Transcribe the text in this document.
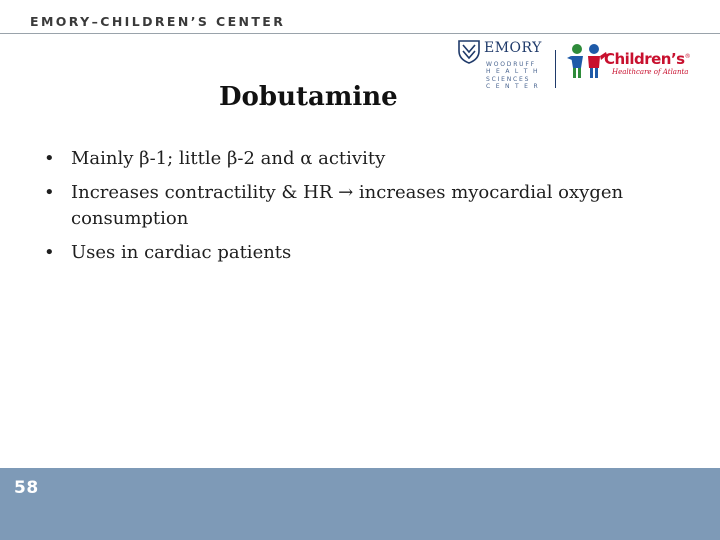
EMORY–CHILDREN’S CENTER
EMORY
WOODRUFF
H E A L T H
SCIENCES
C E N T E R
Children’s®
Healthcare of Atlanta
Dobutamine
• Mainly β-1; little β-2 and α activity
• Increases contractility & HR → increases myocardial oxygen consumption
• Uses in cardiac patients
58
